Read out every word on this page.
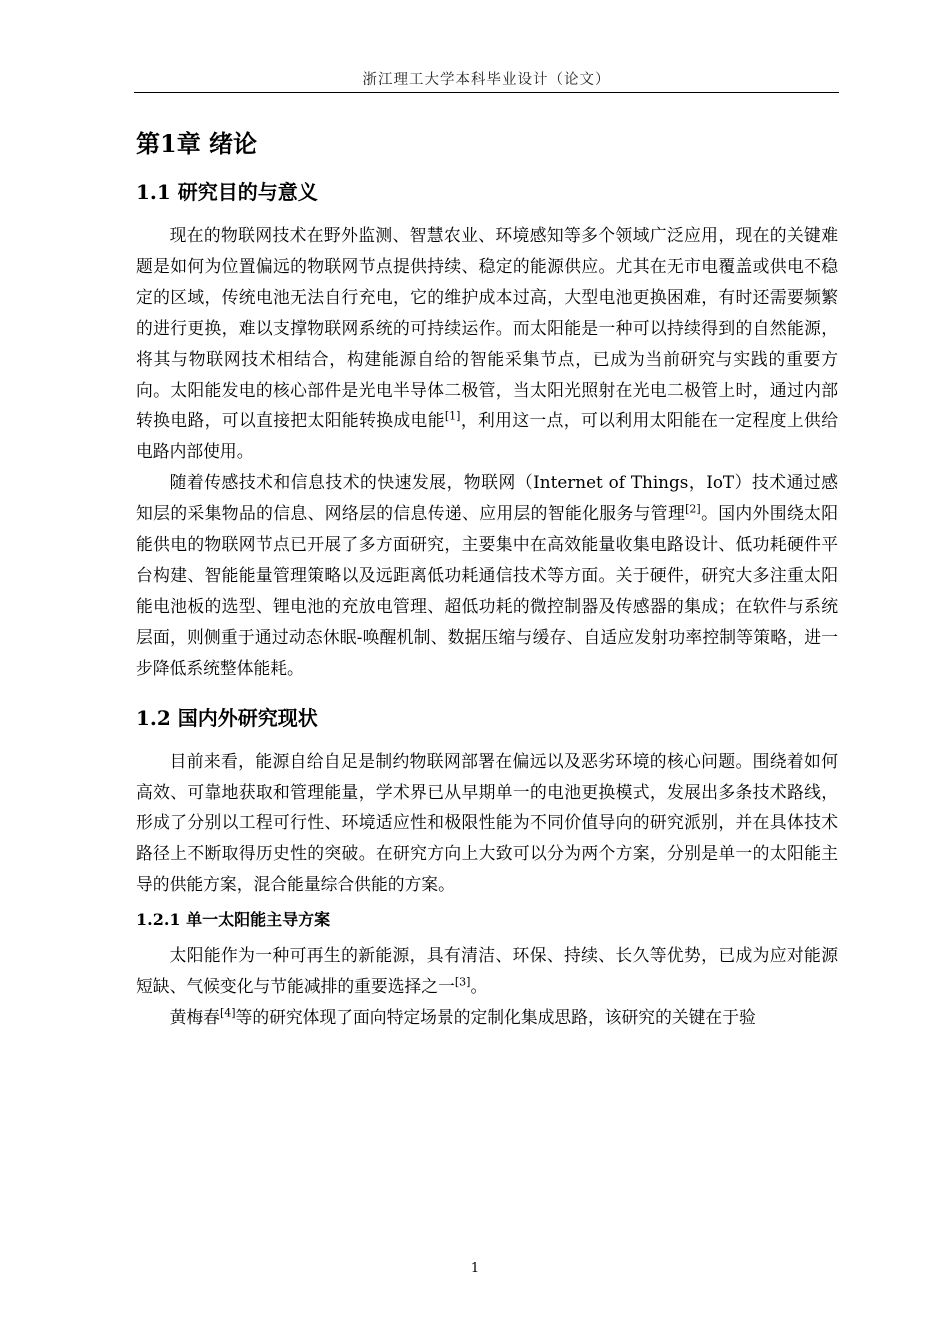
浙江理工大学本科毕业设计（论文）
第1章 绪论
1.1 研究目的与意义

现在的物联网技术在野外监测、智慧农业、环境感知等多个领域广泛应用，现在的关键难题是如何为位置偏远的物联网节点提供持续、稳定的能源供应。尤其在无市电覆盖或供电不稳定的区域，传统电池无法自行充电，它的维护成本过高，大型电池更换困难，有时还需要频繁的进行更换，难以支撑物联网系统的可持续运作。而太阳能是一种可以持续得到的自然能源，将其与物联网技术相结合，构建能源自给的智能采集节点，已成为当前研究与实践的重要方向。太阳能发电的核心部件是光电半导体二极管，当太阳光照射在光电二极管上时，通过内部转换电路，可以直接把太阳能转换成电能[1]，利用这一点，可以利用太阳能在一定程度上供给电路内部使用。

随着传感技术和信息技术的快速发展，物联网（Internet of Things，IoT）技术通过感知层的采集物品的信息、网络层的信息传递、应用层的智能化服务与管理[2]。国内外围绕太阳能供电的物联网节点已开展了多方面研究，主要集中在高效能量收集电路设计、低功耗硬件平台构建、智能能量管理策略以及远距离低功耗通信技术等方面。关于硬件，研究大多注重太阳能电池板的选型、锂电池的充放电管理、超低功耗的微控制器及传感器的集成；在软件与系统层面，则侧重于通过动态休眠-唤醒机制、数据压缩与缓存、自适应发射功率控制等策略，进一步降低系统整体能耗。

1.2 国内外研究现状

目前来看，能源自给自足是制约物联网部署在偏远以及恶劣环境的核心问题。围绕着如何高效、可靠地获取和管理能量，学术界已从早期单一的电池更换模式，发展出多条技术路线，形成了分别以工程可行性、环境适应性和极限性能为不同价值导向的研究派别，并在具体技术路径上不断取得历史性的突破。在研究方向上大致可以分为两个方案，分别是单一的太阳能主导的供能方案，混合能量综合供能的方案。

1.2.1 单一太阳能主导方案

太阳能作为一种可再生的新能源，具有清洁、环保、持续、长久等优势，已成为应对能源短缺、气候变化与节能减排的重要选择之一[3]。

黄梅春[4]等的研究体现了面向特定场景的定制化集成思路，该研究的关键在于验

1
